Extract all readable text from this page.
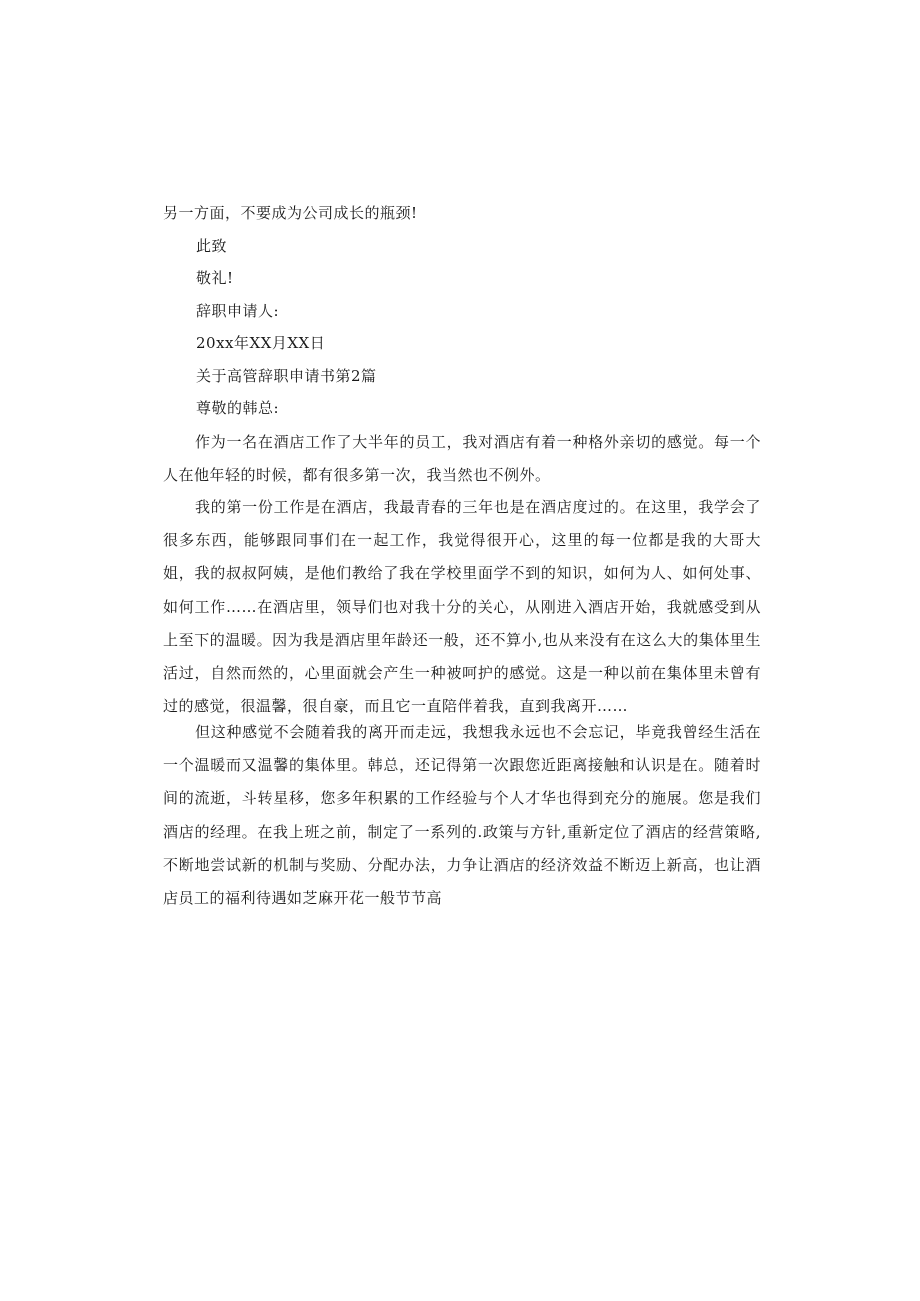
另一方面，不要成为公司成长的瓶颈!
此致
敬礼!
辞职申请人:
20xx年XX月XX日
关于高管辞职申请书第2篇
尊敬的韩总:
作为一名在酒店工作了大半年的员工，我对酒店有着一种格外亲切的感觉。每一个人在他年轻的时候，都有很多第一次，我当然也不例外。
我的第一份工作是在酒店，我最青春的三年也是在酒店度过的。在这里，我学会了很多东西，能够跟同事们在一起工作，我觉得很开心，这里的每一位都是我的大哥大姐，我的叔叔阿姨，是他们教给了我在学校里面学不到的知识，如何为人、如何处事、如何工作……在酒店里，领导们也对我十分的关心，从刚进入酒店开始，我就感受到从上至下的温暖。因为我是酒店里年龄还一般，还不算小,也从来没有在这么大的集体里生活过，自然而然的，心里面就会产生一种被呵护的感觉。这是一种以前在集体里未曾有过的感觉，很温馨，很自豪，而且它一直陪伴着我，直到我离开……
但这种感觉不会随着我的离开而走远，我想我永远也不会忘记，毕竟我曾经生活在一个温暖而又温馨的集体里。韩总，还记得第一次跟您近距离接触和认识是在。随着时间的流逝，斗转星移，您多年积累的工作经验与个人才华也得到充分的施展。您是我们酒店的经理。在我上班之前，制定了一系列的.政策与方针,重新定位了酒店的经营策略,不断地尝试新的机制与奖励、分配办法，力争让酒店的经济效益不断迈上新高，也让酒店员工的福利待遇如芝麻开花一般节节高
